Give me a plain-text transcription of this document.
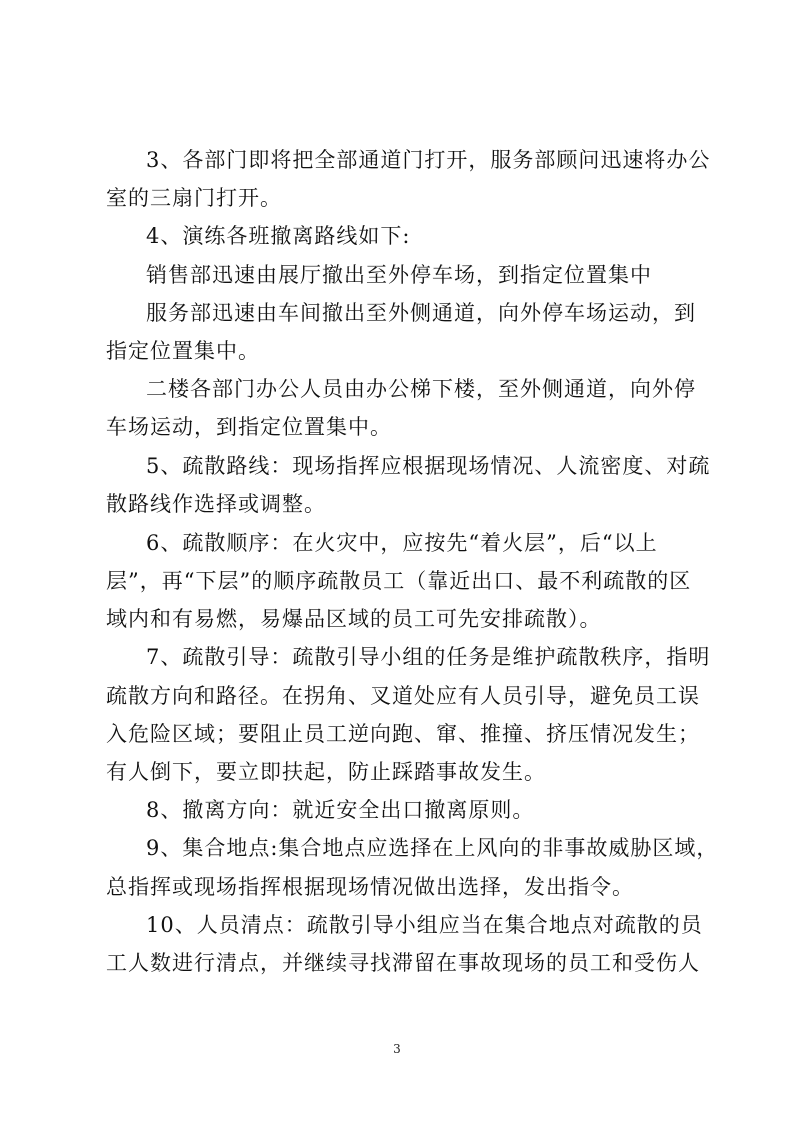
3、各部门即将把全部通道门打开，服务部顾问迅速将办公
室的三扇门打开。
4、演练各班撤离路线如下:
销售部迅速由展厅撤出至外停车场，到指定位置集中
服务部迅速由车间撤出至外侧通道，向外停车场运动，到
指定位置集中。
二楼各部门办公人员由办公梯下楼，至外侧通道，向外停
车场运动，到指定位置集中。
5、疏散路线：现场指挥应根据现场情况、人流密度、对疏
散路线作选择或调整。
6、疏散顺序：在火灾中，应按先“着火层”，后“以上
层”，再“下层”的顺序疏散员工（靠近出口、最不利疏散的区
域内和有易燃，易爆品区域的员工可先安排疏散）。
7、疏散引导：疏散引导小组的任务是维护疏散秩序，指明
疏散方向和路径。在拐角、叉道处应有人员引导，避免员工误
入危险区域；要阻止员工逆向跑、窜、推撞、挤压情况发生；
有人倒下，要立即扶起，防止踩踏事故发生。
8、撤离方向：就近安全出口撤离原则。
9、集合地点:集合地点应选择在上风向的非事故威胁区域，
总指挥或现场指挥根据现场情况做出选择，发出指令。
10、人员清点：疏散引导小组应当在集合地点对疏散的员
工人数进行清点，并继续寻找滞留在事故现场的员工和受伤人
3
